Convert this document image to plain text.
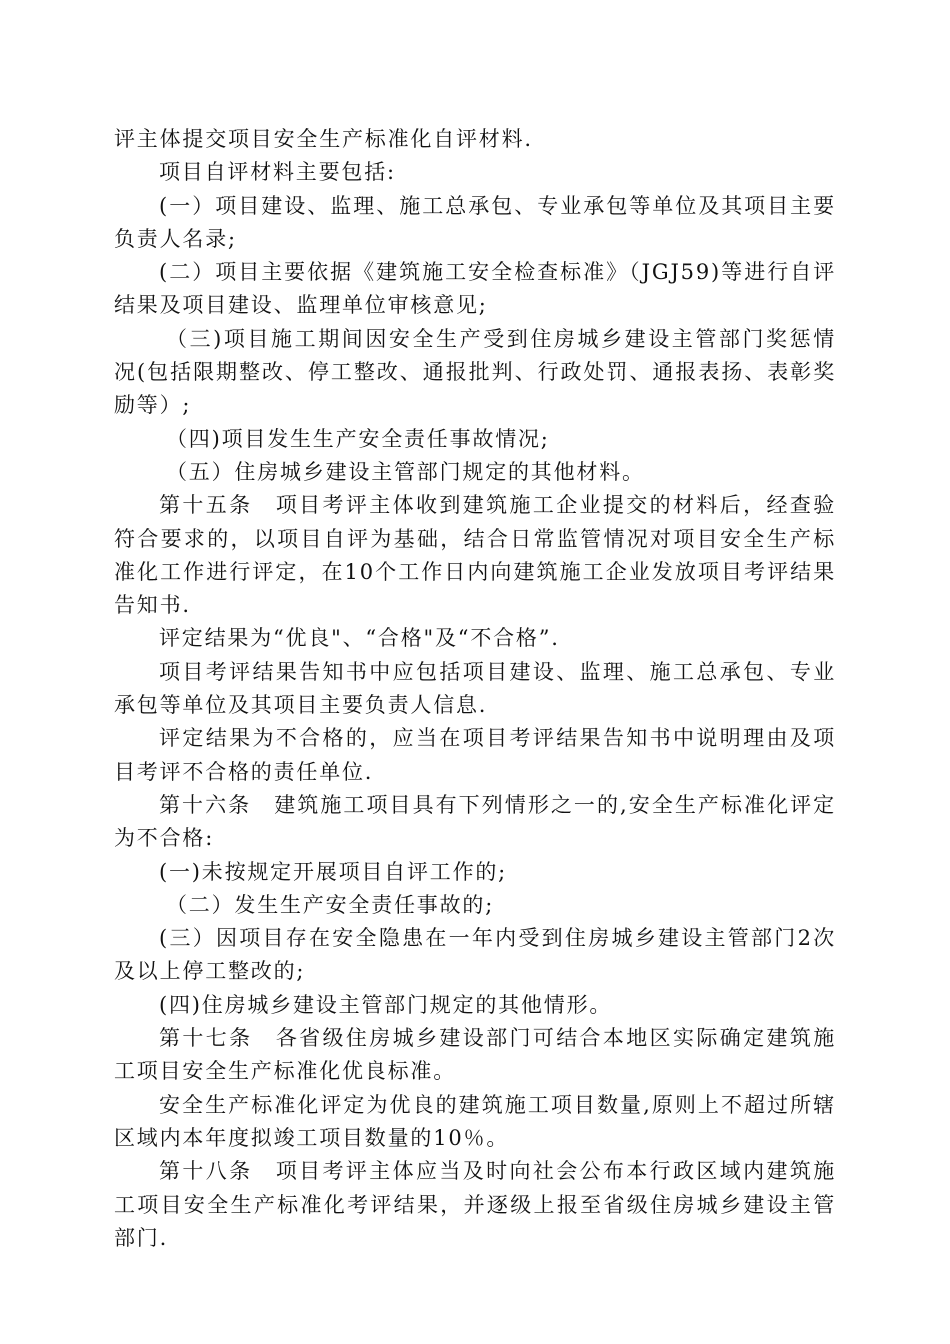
评主体提交项目安全生产标准化自评材料.

项目自评材料主要包括:

(一）项目建设、监理、施工总承包、专业承包等单位及其项目主要负责人名录;

(二）项目主要依据《建筑施工安全检查标准》（JGJ59)等进行自评结果及项目建设、监理单位审核意见;

（三)项目施工期间因安全生产受到住房城乡建设主管部门奖惩情况(包括限期整改、停工整改、通报批判、行政处罚、通报表扬、表彰奖励等）;

（四)项目发生生产安全责任事故情况;

（五）住房城乡建设主管部门规定的其他材料。

第十五条　项目考评主体收到建筑施工企业提交的材料后，经查验符合要求的，以项目自评为基础，结合日常监管情况对项目安全生产标准化工作进行评定，在10个工作日内向建筑施工企业发放项目考评结果告知书.

评定结果为“优良"、“合格"及“不合格”.

项目考评结果告知书中应包括项目建设、监理、施工总承包、专业承包等单位及其项目主要负责人信息.

评定结果为不合格的，应当在项目考评结果告知书中说明理由及项目考评不合格的责任单位.

第十六条　建筑施工项目具有下列情形之一的,安全生产标准化评定为不合格:

(一)未按规定开展项目自评工作的;

（二）发生生产安全责任事故的;

(三）因项目存在安全隐患在一年内受到住房城乡建设主管部门2次及以上停工整改的;

(四)住房城乡建设主管部门规定的其他情形。

第十七条　各省级住房城乡建设部门可结合本地区实际确定建筑施工项目安全生产标准化优良标准。

安全生产标准化评定为优良的建筑施工项目数量,原则上不超过所辖区域内本年度拟竣工项目数量的10％。

第十八条　项目考评主体应当及时向社会公布本行政区域内建筑施工项目安全生产标准化考评结果，并逐级上报至省级住房城乡建设主管部门.
